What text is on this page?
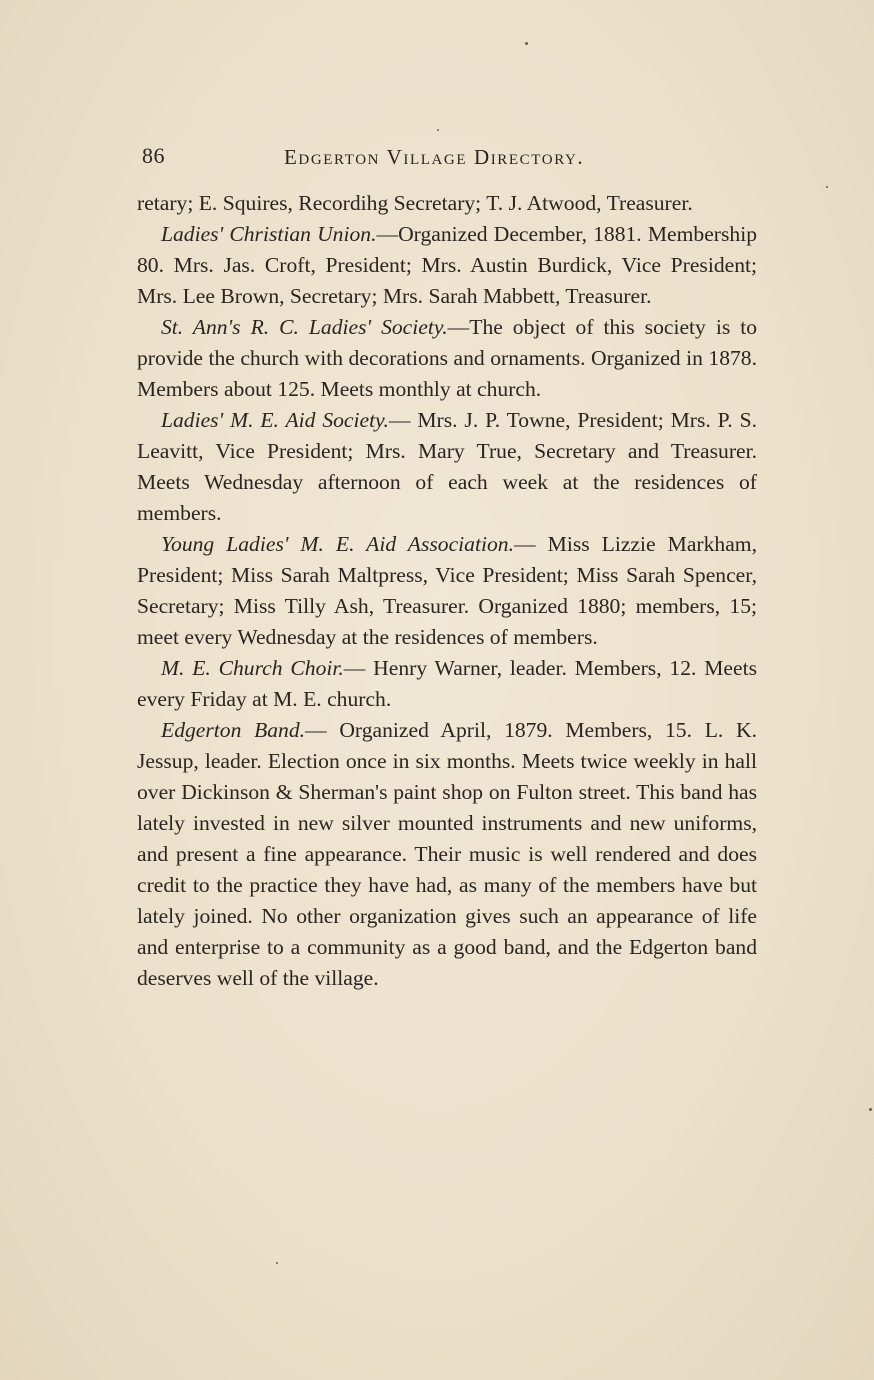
86	Edgerton Village Directory.

retary; E. Squires, Recordihg Secretary; T. J. Atwood, Treasurer.

Ladies' Christian Union.—Organized December, 1881. Membership 80. Mrs. Jas. Croft, President; Mrs. Austin Burdick, Vice President; Mrs. Lee Brown, Secretary; Mrs. Sarah Mabbett, Treasurer.

St. Ann's R. C. Ladies' Society.—The object of this society is to provide the church with decorations and ornaments. Organized in 1878. Members about 125. Meets monthly at church.

Ladies' M. E. Aid Society.— Mrs. J. P. Towne, President; Mrs. P. S. Leavitt, Vice President; Mrs. Mary True, Secretary and Treasurer. Meets Wednesday afternoon of each week at the residences of members.

Young Ladies' M. E. Aid Association.— Miss Lizzie Markham, President; Miss Sarah Maltpress, Vice President; Miss Sarah Spencer, Secretary; Miss Tilly Ash, Treasurer. Organized 1880; members, 15; meet every Wednesday at the residences of members.

M. E. Church Choir.— Henry Warner, leader. Members, 12. Meets every Friday at M. E. church.

Edgerton Band.— Organized April, 1879. Members, 15. L. K. Jessup, leader. Election once in six months. Meets twice weekly in hall over Dickinson & Sherman's paint shop on Fulton street. This band has lately invested in new silver mounted instruments and new uniforms, and present a fine appearance. Their music is well rendered and does credit to the practice they have had, as many of the members have but lately joined. No other organization gives such an appearance of life and enterprise to a community as a good band, and the Edgerton band deserves well of the village.
